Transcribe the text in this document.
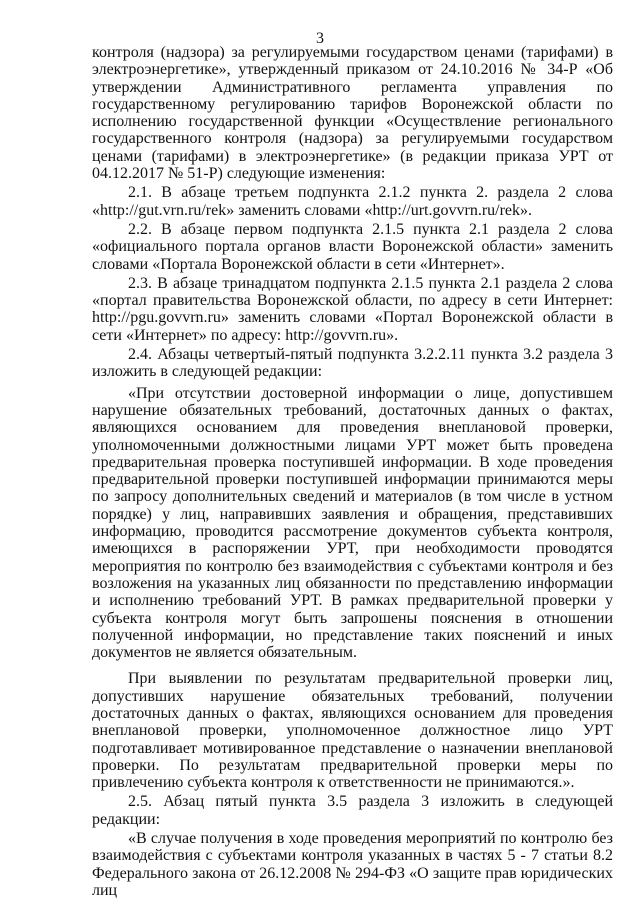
3

контроля (надзора) за регулируемыми государством ценами (тарифами) в электроэнергетике», утвержденный приказом от 24.10.2016 № 34-Р «Об утверждении Административного регламента управления по государственному регулированию тарифов Воронежской области по исполнению государственной функции «Осуществление регионального государственного контроля (надзора) за регулируемыми государством ценами (тарифами) в электроэнергетике» (в редакции приказа УРТ от 04.12.2017 № 51-Р) следующие изменения:

2.1. В абзаце третьем подпункта 2.1.2 пункта 2. раздела 2 слова «http://gut.vrn.ru/rek» заменить словами «http://urt.govvrn.ru/rek».

2.2. В абзаце первом подпункта 2.1.5 пункта 2.1 раздела 2 слова «официального портала органов власти Воронежской области» заменить словами «Портала Воронежской области в сети «Интернет».

2.3. В абзаце тринадцатом подпункта 2.1.5 пункта 2.1 раздела 2 слова «портал правительства Воронежской области, по адресу в сети Интернет: http://pgu.govvrn.ru» заменить словами «Портал Воронежской области в сети «Интернет» по адресу: http://govvrn.ru».

2.4. Абзацы четвертый-пятый подпункта 3.2.2.11 пункта 3.2 раздела 3 изложить в следующей редакции:

«При отсутствии достоверной информации о лице, допустившем нарушение обязательных требований, достаточных данных о фактах, являющихся основанием для проведения внеплановой проверки, уполномоченными должностными лицами УРТ может быть проведена предварительная проверка поступившей информации. В ходе проведения предварительной проверки поступившей информации принимаются меры по запросу дополнительных сведений и материалов (в том числе в устном порядке) у лиц, направивших заявления и обращения, представивших информацию, проводится рассмотрение документов субъекта контроля, имеющихся в распоряжении УРТ, при необходимости проводятся мероприятия по контролю без взаимодействия с субъектами контроля и без возложения на указанных лиц обязанности по представлению информации и исполнению требований УРТ. В рамках предварительной проверки у субъекта контроля могут быть запрошены пояснения в отношении полученной информации, но представление таких пояснений и иных документов не является обязательным.

При выявлении по результатам предварительной проверки лиц, допустивших нарушение обязательных требований, получении достаточных данных о фактах, являющихся основанием для проведения внеплановой проверки, уполномоченное должностное лицо УРТ подготавливает мотивированное представление о назначении внеплановой проверки. По результатам предварительной проверки меры по привлечению субъекта контроля к ответственности не принимаются.».

2.5. Абзац пятый пункта 3.5 раздела 3 изложить в следующей редакции:

«В случае получения в ходе проведения мероприятий по контролю без взаимодействия с субъектами контроля указанных в частях 5 - 7 статьи 8.2 Федерального закона от 26.12.2008 № 294-ФЗ «О защите прав юридических лиц
